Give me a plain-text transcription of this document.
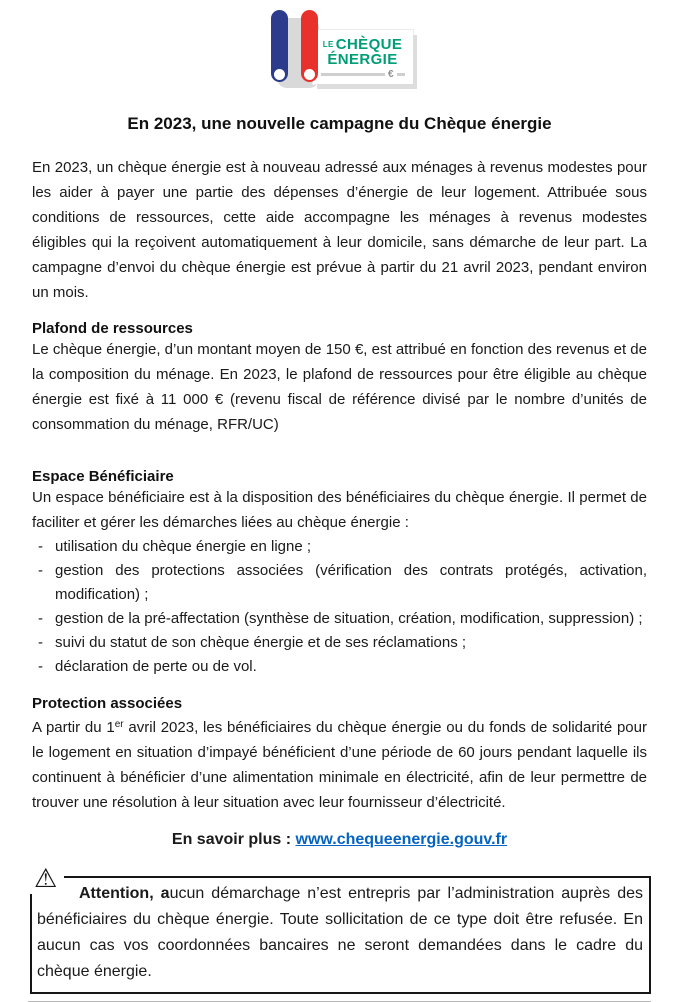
LE CHÈQUE
ÉNERGIE
€
En 2023, une nouvelle campagne du Chèque énergie

En 2023, un chèque énergie est à nouveau adressé aux ménages à revenus modestes pour les aider à payer une partie des dépenses d’énergie de leur logement. Attribuée sous conditions de ressources, cette aide accompagne les ménages à revenus modestes éligibles qui la reçoivent automatiquement à leur domicile, sans démarche de leur part. La campagne d’envoi du chèque énergie est prévue à partir du 21 avril 2023, pendant environ un mois.

Plafond de ressources

Le chèque énergie, d’un montant moyen de 150 €, est attribué en fonction des revenus et de la composition du ménage. En 2023, le plafond de ressources pour être éligible au chèque énergie est fixé à 11 000 € (revenu fiscal de référence divisé par le nombre d’unités de consommation du ménage, RFR/UC)

Espace Bénéficiaire

Un espace bénéficiaire est à la disposition des bénéficiaires du chèque énergie. Il permet de faciliter et gérer les démarches liées au chèque énergie :

- utilisation du chèque énergie en ligne ;
- gestion des protections associées (vérification des contrats protégés, activation, modification) ;
- gestion de la pré-affectation (synthèse de situation, création, modification, suppression) ;
- suivi du statut de son chèque énergie et de ses réclamations ;
- déclaration de perte ou de vol.
Protection associées

A partir du 1er avril 2023, les bénéficiaires du chèque énergie ou du fonds de solidarité pour le logement en situation d’impayé bénéficient d’une période de 60 jours pendant laquelle ils continuent à bénéficier d’une alimentation minimale en électricité, afin de leur permettre de trouver une résolution à leur situation avec leur fournisseur d’électricité.

En savoir plus : www.chequeenergie.gouv.fr

⚠

Attention, aucun démarchage n’est entrepris par l’administration auprès des bénéficiaires du chèque énergie. Toute sollicitation de ce type doit être refusée. En aucun cas vos coordonnées bancaires ne seront demandées dans le cadre du chèque énergie.
